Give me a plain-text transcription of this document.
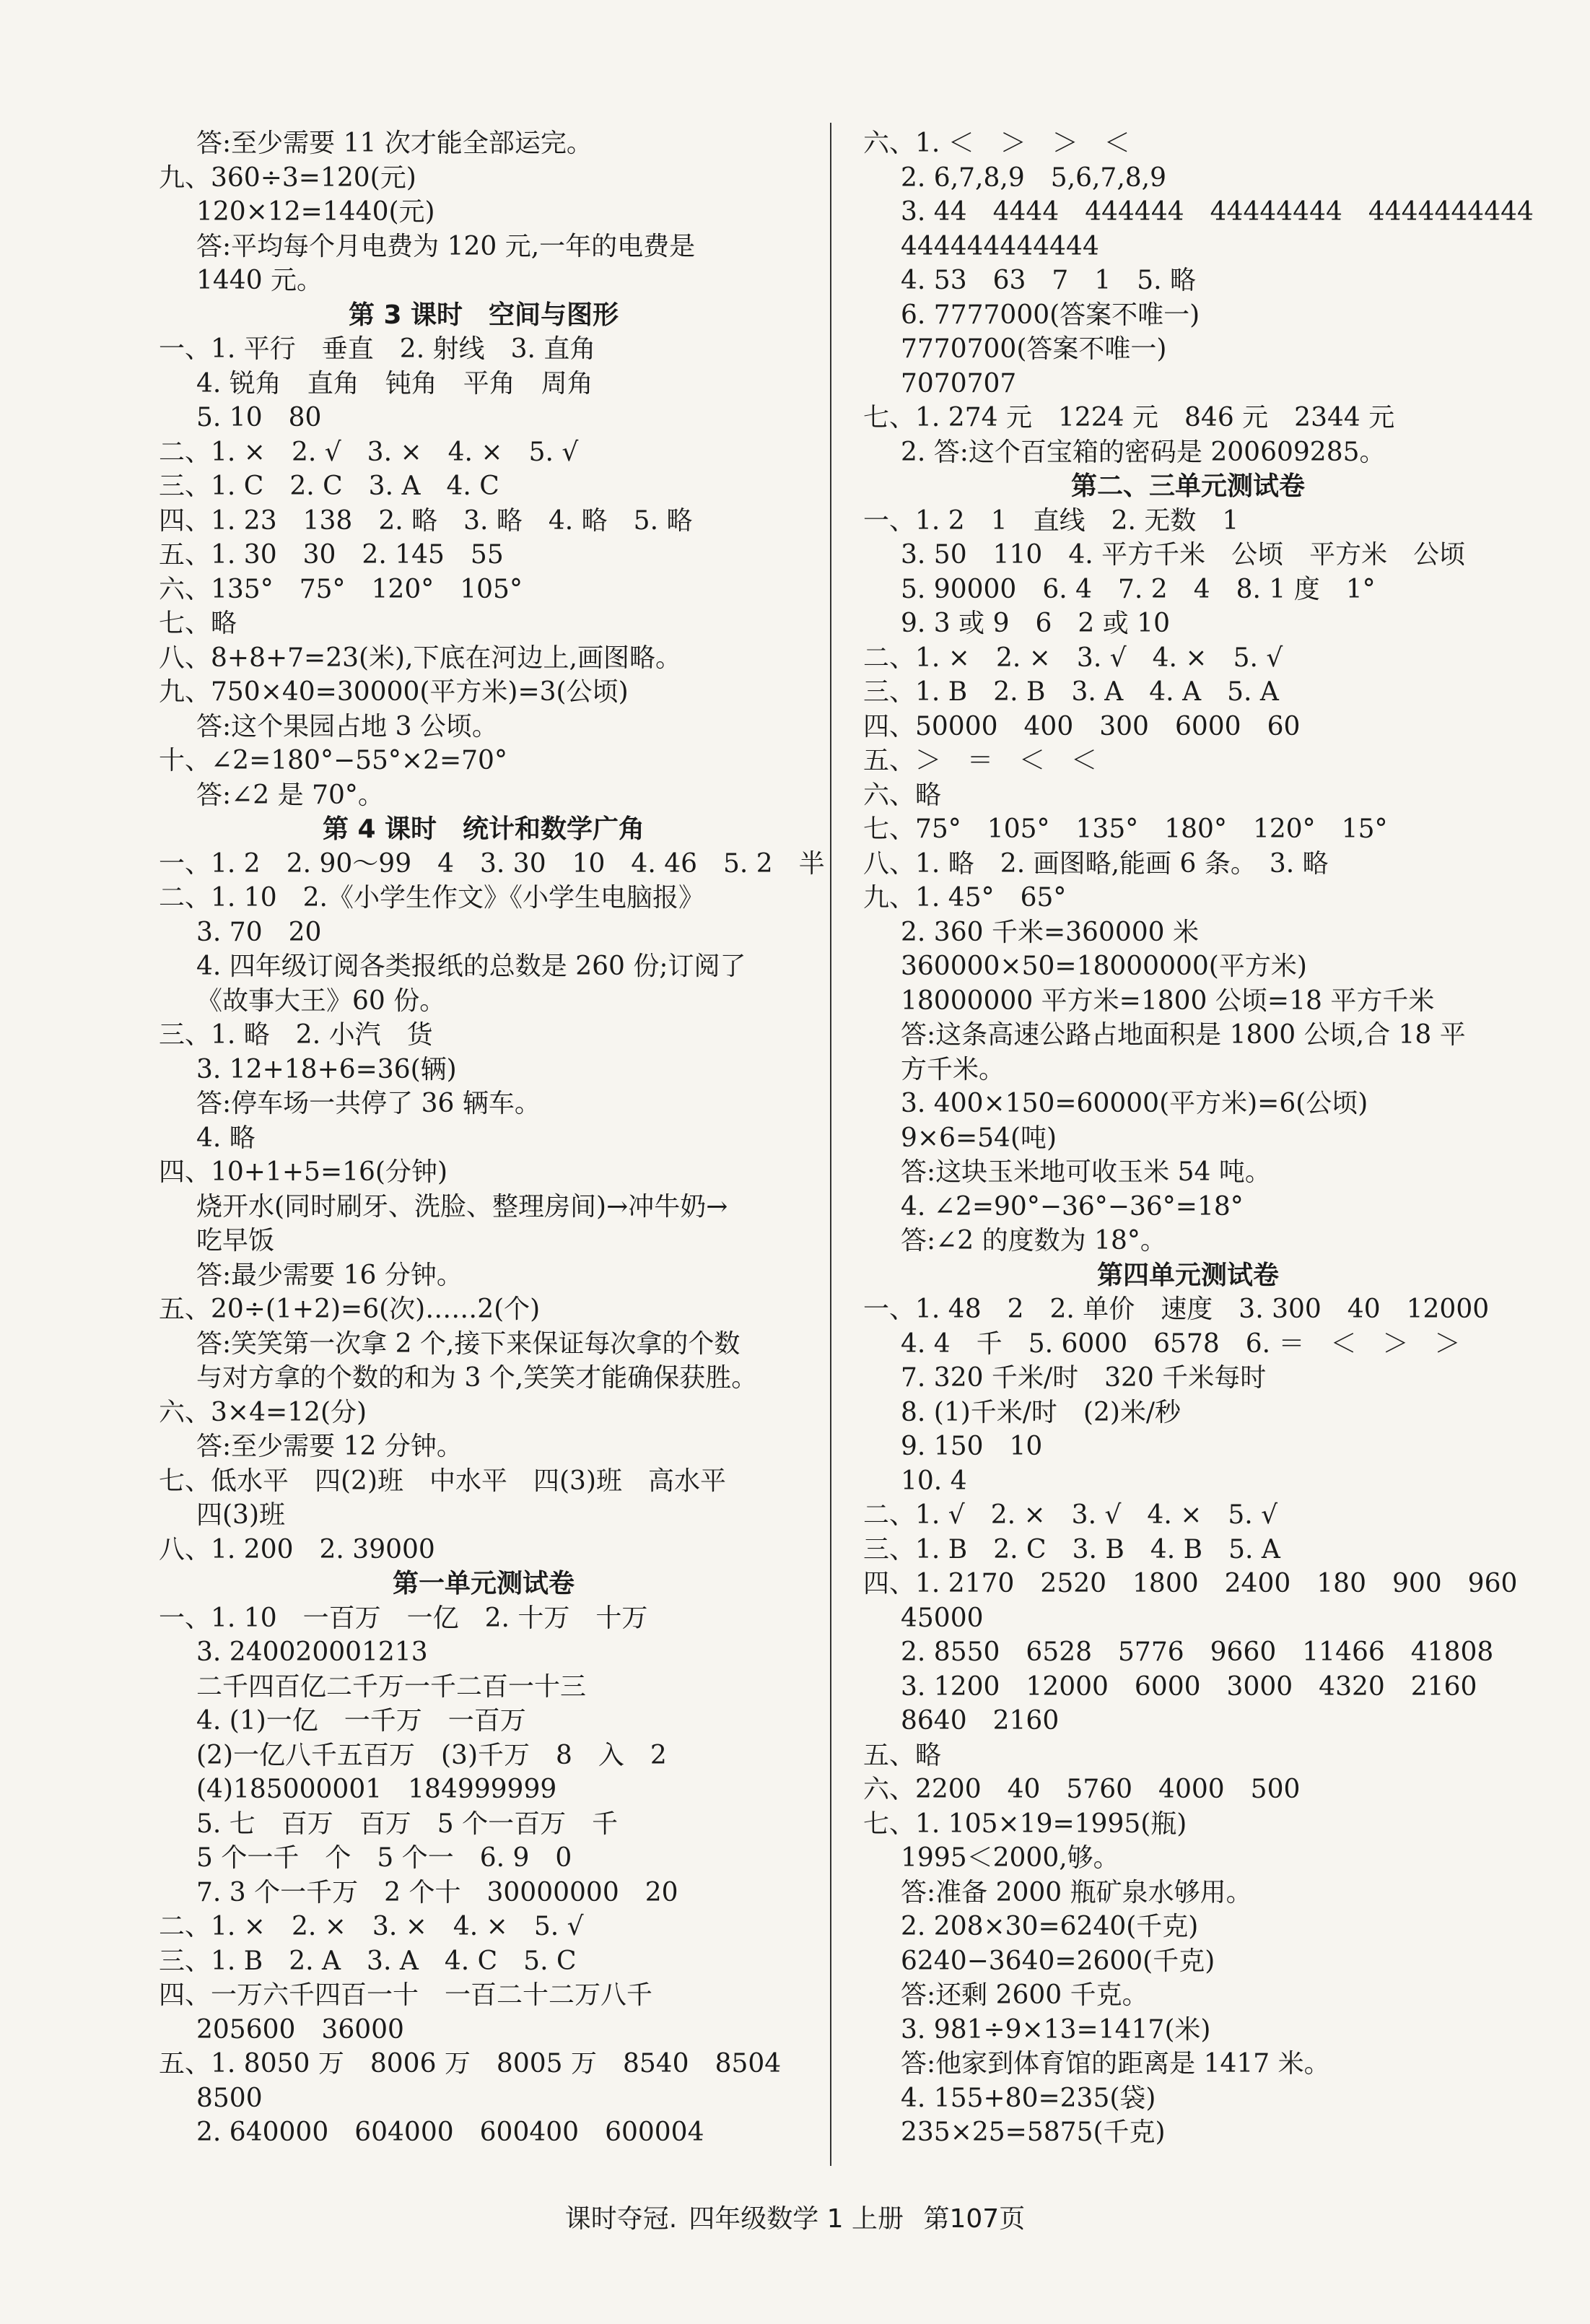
答:至少需要 11 次才能全部运完。
九、360÷3=120(元)
120×12=1440(元)
答:平均每个月电费为 120 元,一年的电费是
1440 元。
第 3 课时　空间与图形
一、1. 平行　垂直　2. 射线　3. 直角
4. 锐角　直角　钝角　平角　周角
5. 10　80
二、1. ×　2. √　3. ×　4. ×　5. √
三、1. C　2. C　3. A　4. C
四、1. 23　138　2. 略　3. 略　4. 略　5. 略
五、1. 30　30　2. 145　55
六、135°　75°　120°　105°
七、略
八、8+8+7=23(米),下底在河边上,画图略。
九、750×40=30000(平方米)=3(公顷)
答:这个果园占地 3 公顷。
十、∠2=180°−55°×2=70°
答:∠2 是 70°。
第 4 课时　统计和数学广角
一、1. 2　2. 90～99　4　3. 30　10　4. 46　5. 2　半
二、1. 10　2.《小学生作文》《小学生电脑报》
3. 70　20
4. 四年级订阅各类报纸的总数是 260 份;订阅了
《故事大王》60 份。
三、1. 略　2. 小汽　货
3. 12+18+6=36(辆)
答:停车场一共停了 36 辆车。
4. 略
四、10+1+5=16(分钟)
烧开水(同时刷牙、洗脸、整理房间)→冲牛奶→
吃早饭
答:最少需要 16 分钟。
五、20÷(1+2)=6(次)……2(个)
答:笑笑第一次拿 2 个,接下来保证每次拿的个数
与对方拿的个数的和为 3 个,笑笑才能确保获胜。
六、3×4=12(分)
答:至少需要 12 分钟。
七、低水平　四(2)班　中水平　四(3)班　高水平
四(3)班
八、1. 200　2. 39000
第一单元测试卷
一、1. 10　一百万　一亿　2. 十万　十万
3. 240020001213
二千四百亿二千万一千二百一十三
4. (1)一亿　一千万　一百万
(2)一亿八千五百万　(3)千万　8　入　2
(4)185000001　184999999
5. 七　百万　百万　5 个一百万　千
5 个一千　个　5 个一　6. 9　0
7. 3 个一千万　2 个十　30000000　20
二、1. ×　2. ×　3. ×　4. ×　5. √
三、1. B　2. A　3. A　4. C　5. C
四、一万六千四百一十　一百二十二万八千
205600　36000
五、1. 8050 万　8006 万　8005 万　8540　8504
8500
2. 640000　604000　600400　600004
六、1. ＜　＞　＞　＜
2. 6,7,8,9　5,6,7,8,9
3. 44　4444　444444　44444444　4444444444
444444444444
4. 53　63　7　1　5. 略
6. 7777000(答案不唯一)
7770700(答案不唯一)
7070707
七、1. 274 元　1224 元　846 元　2344 元
2. 答:这个百宝箱的密码是 200609285。
第二、三单元测试卷
一、1. 2　1　直线　2. 无数　1
3. 50　110　4. 平方千米　公顷　平方米　公顷
5. 90000　6. 4　7. 2　4　8. 1 度　1°
9. 3 或 9　6　2 或 10
二、1. ×　2. ×　3. √　4. ×　5. √
三、1. B　2. B　3. A　4. A　5. A
四、50000　400　300　6000　60
五、＞　＝　＜　＜
六、略
七、75°　105°　135°　180°　120°　15°
八、1. 略　2. 画图略,能画 6 条。　3. 略
九、1. 45°　65°
2. 360 千米=360000 米
360000×50=18000000(平方米)
18000000 平方米=1800 公顷=18 平方千米
答:这条高速公路占地面积是 1800 公顷,合 18 平
方千米。
3. 400×150=60000(平方米)=6(公顷)
9×6=54(吨)
答:这块玉米地可收玉米 54 吨。
4. ∠2=90°−36°−36°=18°
答:∠2 的度数为 18°。
第四单元测试卷
一、1. 48　2　2. 单价　速度　3. 300　40　12000
4. 4　千　5. 6000　6578　6. ＝　＜　＞　＞
7. 320 千米/时　320 千米每时
8. (1)千米/时　(2)米/秒
9. 150　10
10. 4
二、1. √　2. ×　3. √　4. ×　5. √
三、1. B　2. C　3. B　4. B　5. A
四、1. 2170　2520　1800　2400　180　900　960
45000
2. 8550　6528　5776　9660　11466　41808
3. 1200　12000　6000　3000　4320　2160
8640　2160
五、略
六、2200　40　5760　4000　500
七、1. 105×19=1995(瓶)
1995＜2000,够。
答:准备 2000 瓶矿泉水够用。
2. 208×30=6240(千克)
6240−3640=2600(千克)
答:还剩 2600 千克。
3. 981÷9×13=1417(米)
答:他家到体育馆的距离是 1417 米。
4. 155+80=235(袋)
235×25=5875(千克)
课时夺冠. 四年级数学 1 上册 第107页
